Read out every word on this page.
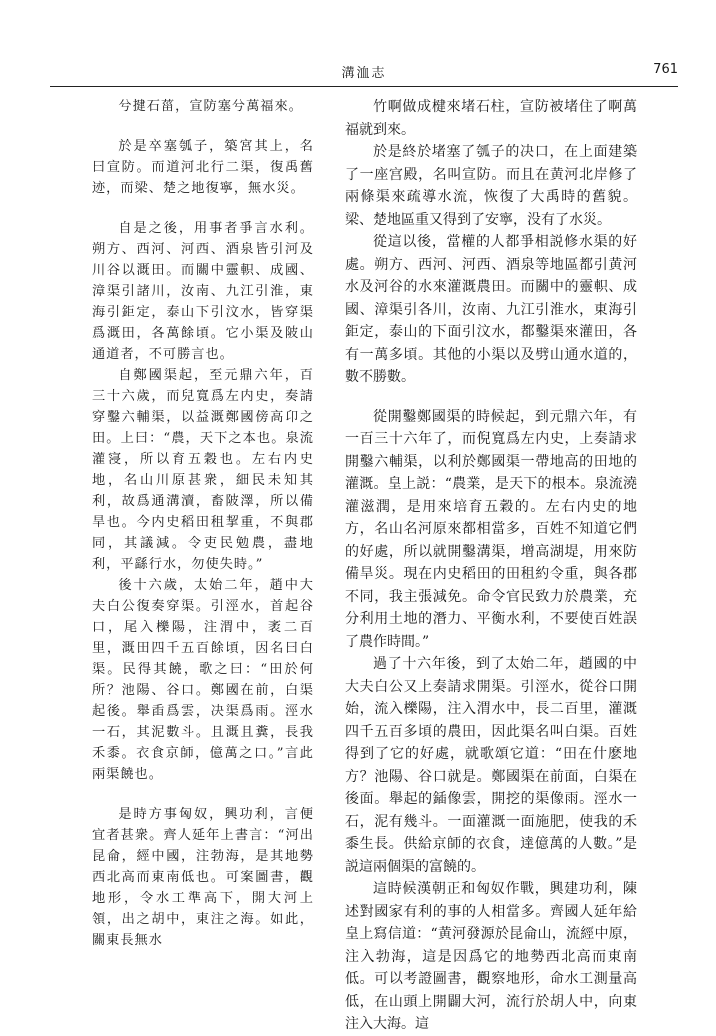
溝洫志	761

兮揵石菑，宣防塞兮萬福來。

於是卒塞瓠子，築宮其上，名曰宣防。而道河北行二渠，復禹舊迹，而梁、楚之地復寧，無水災。

自是之後，用事者爭言水利。朔方、西河、河西、酒泉皆引河及川谷以溉田。而關中靈軹、成國、漳渠引諸川，汝南、九江引淮，東海引鉅定，泰山下引汶水，皆穿渠爲溉田，各萬餘頃。它小渠及陂山通道者，不可勝言也。

自鄭國渠起，至元鼎六年，百三十六歲，而兒寬爲左内史，奏請穿鑿六輔渠，以益溉鄭國傍高卬之田。上曰：“農，天下之本也。泉流灌寖，所以育五穀也。左右内史地，名山川原甚衆，細民未知其利，故爲通溝瀆，畜陂澤，所以備旱也。今内史稻田租挈重，不與郡同，其議減。令吏民勉農，盡地利，平繇行水，勿使失時。”

後十六歲，太始二年，趙中大夫白公復奏穿渠。引涇水，首起谷口，尾入櫟陽，注渭中，袤二百里，溉田四千五百餘頃，因名曰白渠。民得其饒，歌之曰：“田於何所？池陽、谷口。鄭國在前，白渠起後。舉臿爲雲，决渠爲雨。涇水一石，其泥數斗。且溉且糞，長我禾黍。衣食京師，億萬之口。”言此兩渠饒也。

是時方事匈奴，興功利，言便宜者甚衆。齊人延年上書言：“河出昆侖，經中國，注勃海，是其地勢西北高而東南低也。可案圖書，觀地形，令水工準高下，開大河上領，出之胡中，東注之海。如此，關東長無水

竹啊做成楗來堵石柱，宣防被堵住了啊萬福就到來。

於是終於堵塞了瓠子的决口，在上面建築了一座宫殿，名叫宣防。而且在黄河北岸修了兩條渠來疏導水流，恢復了大禹時的舊貌。梁、楚地區重又得到了安寧，没有了水災。

從這以後，當權的人都爭相説修水渠的好處。朔方、西河、河西、酒泉等地區都引黄河水及河谷的水來灌溉農田。而關中的靈軹、成國、漳渠引各川，汝南、九江引淮水，東海引鉅定，泰山的下面引汶水，都鑿渠來灌田，各有一萬多頃。其他的小渠以及劈山通水道的，數不勝數。

從開鑿鄭國渠的時候起，到元鼎六年，有一百三十六年了，而倪寬爲左内史，上奏請求開鑿六輔渠，以利於鄭國渠一帶地高的田地的灌溉。皇上説：“農業，是天下的根本。泉流澆灌滋潤，是用來培育五穀的。左右内史的地方，名山名河原來都相當多，百姓不知道它們的好處，所以就開鑿溝渠，增高湖堤，用來防備旱災。現在内史稻田的田租約令重，與各郡不同，我主張減免。命令官民致力於農業，充分利用土地的潛力、平衡水利，不要使百姓誤了農作時間。”

過了十六年後，到了太始二年，趙國的中大夫白公又上奏請求開渠。引涇水，從谷口開始，流入櫟陽，注入渭水中，長二百里，灌溉四千五百多頃的農田，因此渠名叫白渠。百姓得到了它的好處，就歌頌它道：“田在什麽地方？池陽、谷口就是。鄭國渠在前面，白渠在後面。舉起的鍤像雲，開挖的渠像雨。涇水一石，泥有幾斗。一面灌溉一面施肥，使我的禾黍生長。供給京師的衣食，達億萬的人數。”是説這兩個渠的富饒的。

這時候漢朝正和匈奴作戰，興建功利，陳述對國家有利的事的人相當多。齊國人延年給皇上寫信道：“黄河發源於昆侖山，流經中原，注入勃海，這是因爲它的地勢西北高而東南低。可以考證圖書，觀察地形，命水工測量高低，在山頭上開闢大河，流行於胡人中，向東注入大海。這
